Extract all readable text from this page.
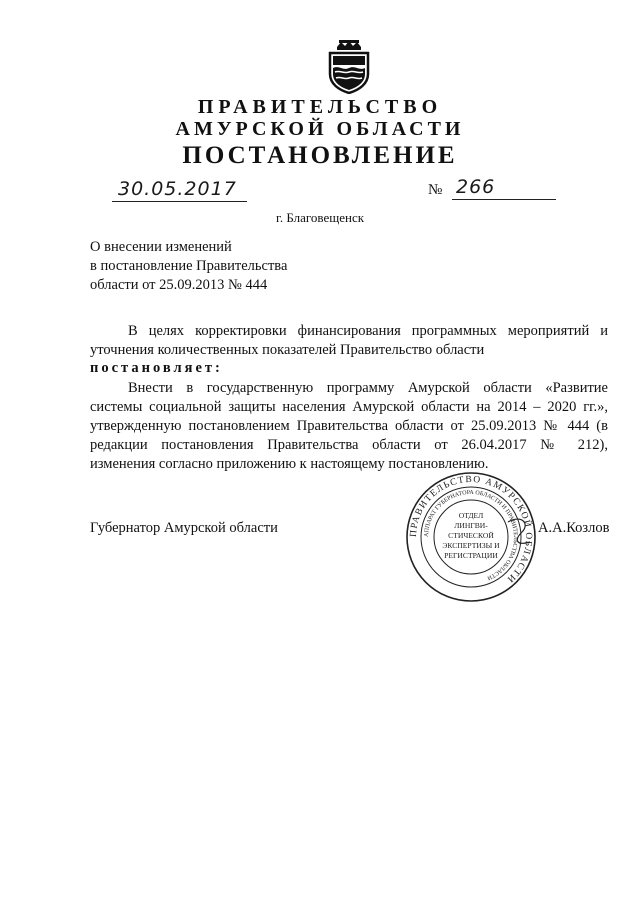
ПРАВИТЕЛЬСТВО
АМУРСКОЙ ОБЛАСТИ
ПОСТАНОВЛЕНИЕ
30.05.2017	№ 266
г. Благовещенск
О внесении изменений
в постановление Правительства
области от 25.09.2013 № 444
В целях корректировки финансирования программных мероприятий и
уточнения количественных показателей Правительство области
постановляет:
Внести в государственную программу Амурской области «Развитие
системы социальной защиты населения Амурской области на 2014 – 2020 гг.»,
утвержденную постановлением Правительства области от 25.09.2013 № 444 (в
редакции постановления Правительства области от 26.04.2017 № 212),
изменения согласно приложению к настоящему постановлению.
Губернатор Амурской области	А.А.Козлов
ПРАВИТЕЛЬСТВО АМУРСКОЙ ОБЛАСТИ
АППАРАТ ГУБЕРНАТОРА ОБЛАСТИ И ПРАВИТЕЛЬСТВА ОБЛАСТИ
ОТДЕЛ
ЛИНГВИ-
СТИЧЕСКОЙ
ЭКСПЕРТИЗЫ И
РЕГИСТРАЦИИ
